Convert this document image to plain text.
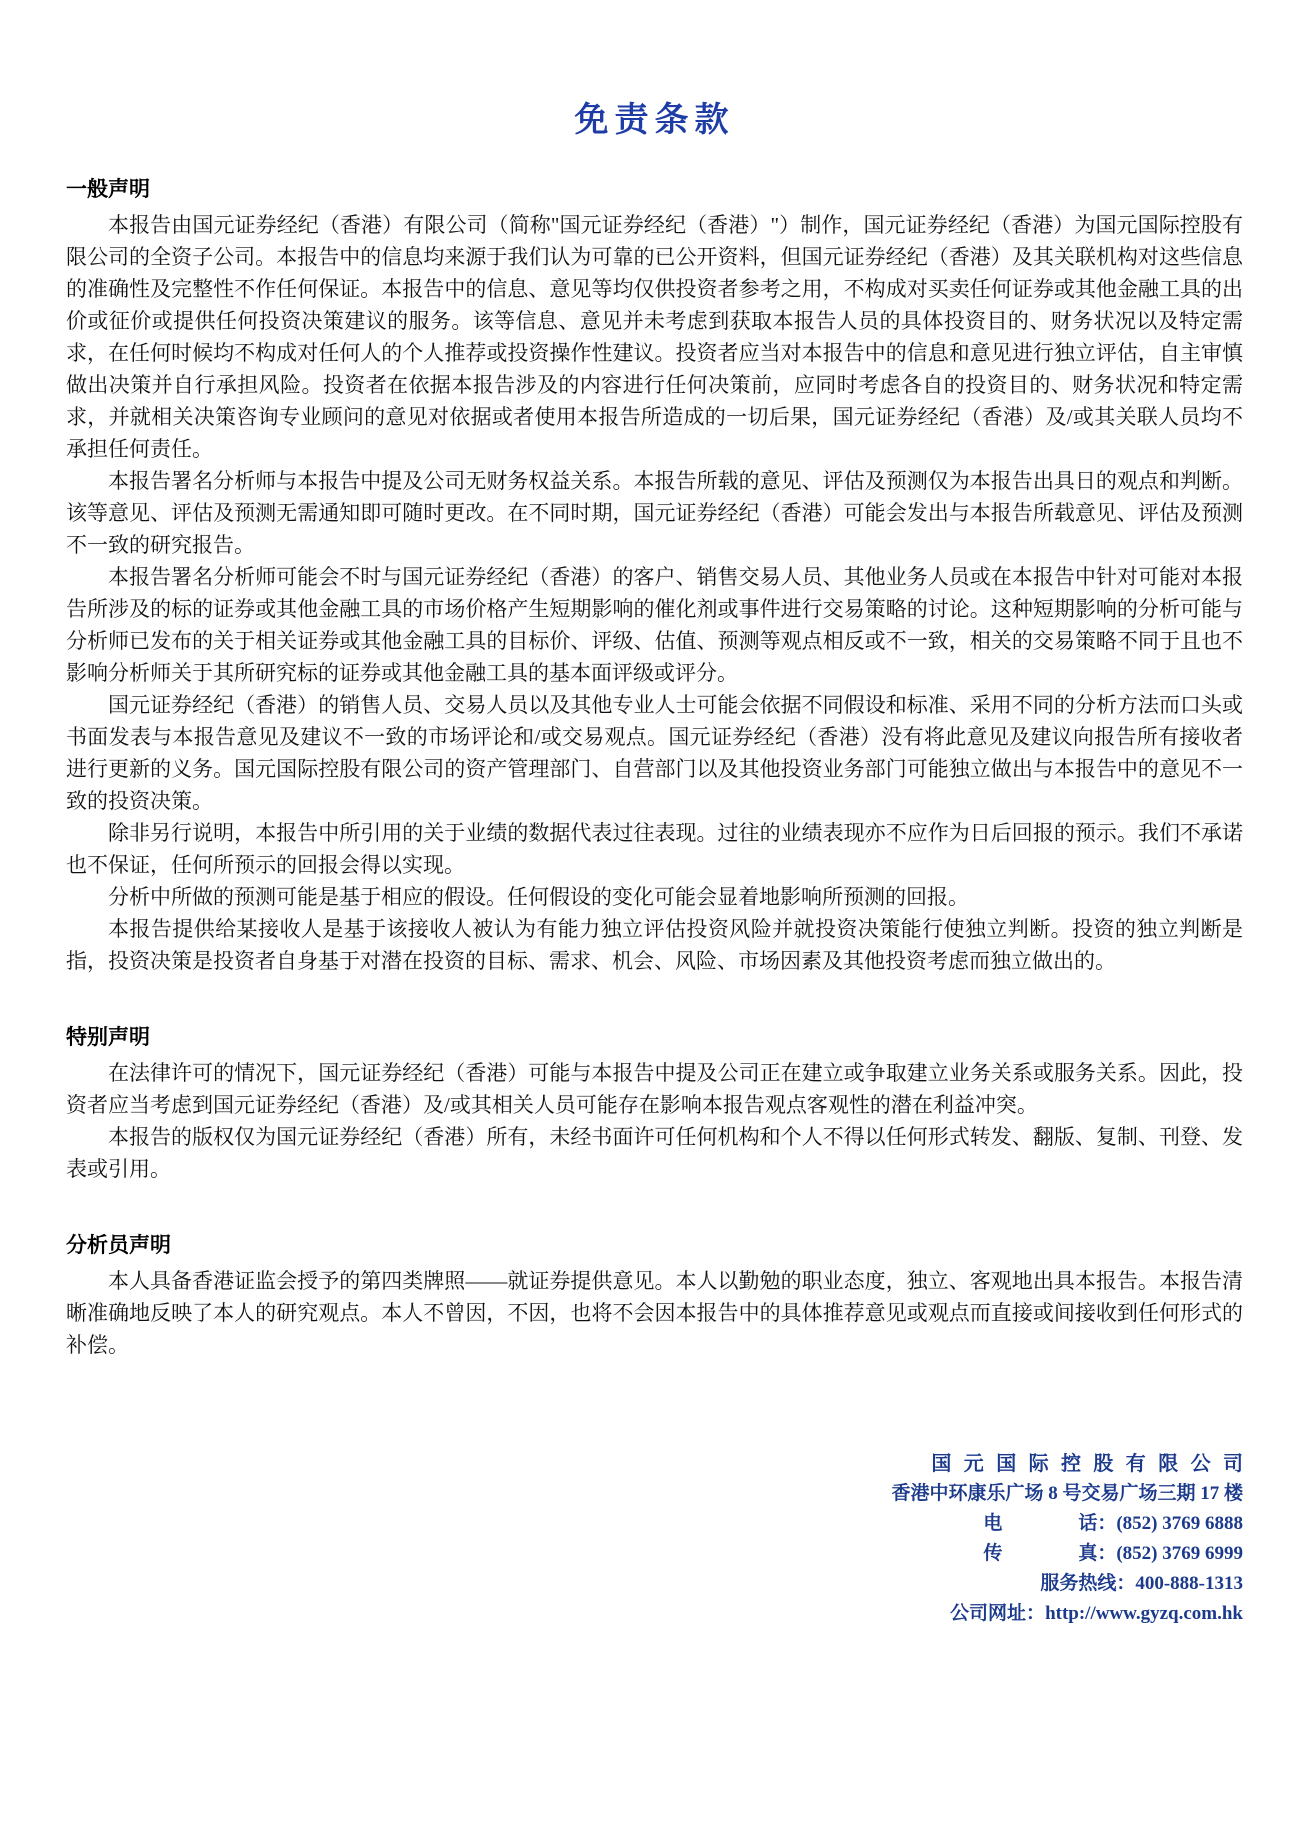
免责条款
一般声明

本报告由国元证券经纪（香港）有限公司（简称"国元证券经纪（香港）"）制作，国元证券经纪（香港）为国元国际控股有限公司的全资子公司。本报告中的信息均来源于我们认为可靠的已公开资料，但国元证券经纪（香港）及其关联机构对这些信息的准确性及完整性不作任何保证。本报告中的信息、意见等均仅供投资者参考之用，不构成对买卖任何证券或其他金融工具的出价或征价或提供任何投资决策建议的服务。该等信息、意见并未考虑到获取本报告人员的具体投资目的、财务状况以及特定需求，在任何时候均不构成对任何人的个人推荐或投资操作性建议。投资者应当对本报告中的信息和意见进行独立评估，自主审慎做出决策并自行承担风险。投资者在依据本报告涉及的内容进行任何决策前，应同时考虑各自的投资目的、财务状况和特定需求，并就相关决策咨询专业顾问的意见对依据或者使用本报告所造成的一切后果，国元证券经纪（香港）及/或其关联人员均不承担任何责任。

本报告署名分析师与本报告中提及公司无财务权益关系。本报告所载的意见、评估及预测仅为本报告出具日的观点和判断。该等意见、评估及预测无需通知即可随时更改。在不同时期，国元证券经纪（香港）可能会发出与本报告所载意见、评估及预测不一致的研究报告。

本报告署名分析师可能会不时与国元证券经纪（香港）的客户、销售交易人员、其他业务人员或在本报告中针对可能对本报告所涉及的标的证券或其他金融工具的市场价格产生短期影响的催化剂或事件进行交易策略的讨论。这种短期影响的分析可能与分析师已发布的关于相关证券或其他金融工具的目标价、评级、估值、预测等观点相反或不一致，相关的交易策略不同于且也不影响分析师关于其所研究标的证券或其他金融工具的基本面评级或评分。

国元证券经纪（香港）的销售人员、交易人员以及其他专业人士可能会依据不同假设和标准、采用不同的分析方法而口头或书面发表与本报告意见及建议不一致的市场评论和/或交易观点。国元证券经纪（香港）没有将此意见及建议向报告所有接收者进行更新的义务。国元国际控股有限公司的资产管理部门、自营部门以及其他投资业务部门可能独立做出与本报告中的意见不一致的投资决策。

除非另行说明，本报告中所引用的关于业绩的数据代表过往表现。过往的业绩表现亦不应作为日后回报的预示。我们不承诺也不保证，任何所预示的回报会得以实现。

分析中所做的预测可能是基于相应的假设。任何假设的变化可能会显着地影响所预测的回报。

本报告提供给某接收人是基于该接收人被认为有能力独立评估投资风险并就投资决策能行使独立判断。投资的独立判断是指，投资决策是投资者自身基于对潜在投资的目标、需求、机会、风险、市场因素及其他投资考虑而独立做出的。

特别声明

在法律许可的情况下，国元证券经纪（香港）可能与本报告中提及公司正在建立或争取建立业务关系或服务关系。因此，投资者应当考虑到国元证券经纪（香港）及/或其相关人员可能存在影响本报告观点客观性的潜在利益冲突。

本报告的版权仅为国元证券经纪（香港）所有，未经书面许可任何机构和个人不得以任何形式转发、翻版、复制、刊登、发表或引用。

分析员声明

本人具备香港证监会授予的第四类牌照——就证券提供意见。本人以勤勉的职业态度，独立、客观地出具本报告。本报告清晰准确地反映了本人的研究观点。本人不曾因，不因，也将不会因本报告中的具体推荐意见或观点而直接或间接收到任何形式的补偿。

国元国际控股有限公司
香港中环康乐广场 8 号交易广场三期 17 楼
电　　　　话：(852) 3769 6888
传　　　　真：(852) 3769 6999
服务热线：400-888-1313
公司网址：http://www.gyzq.com.hk
